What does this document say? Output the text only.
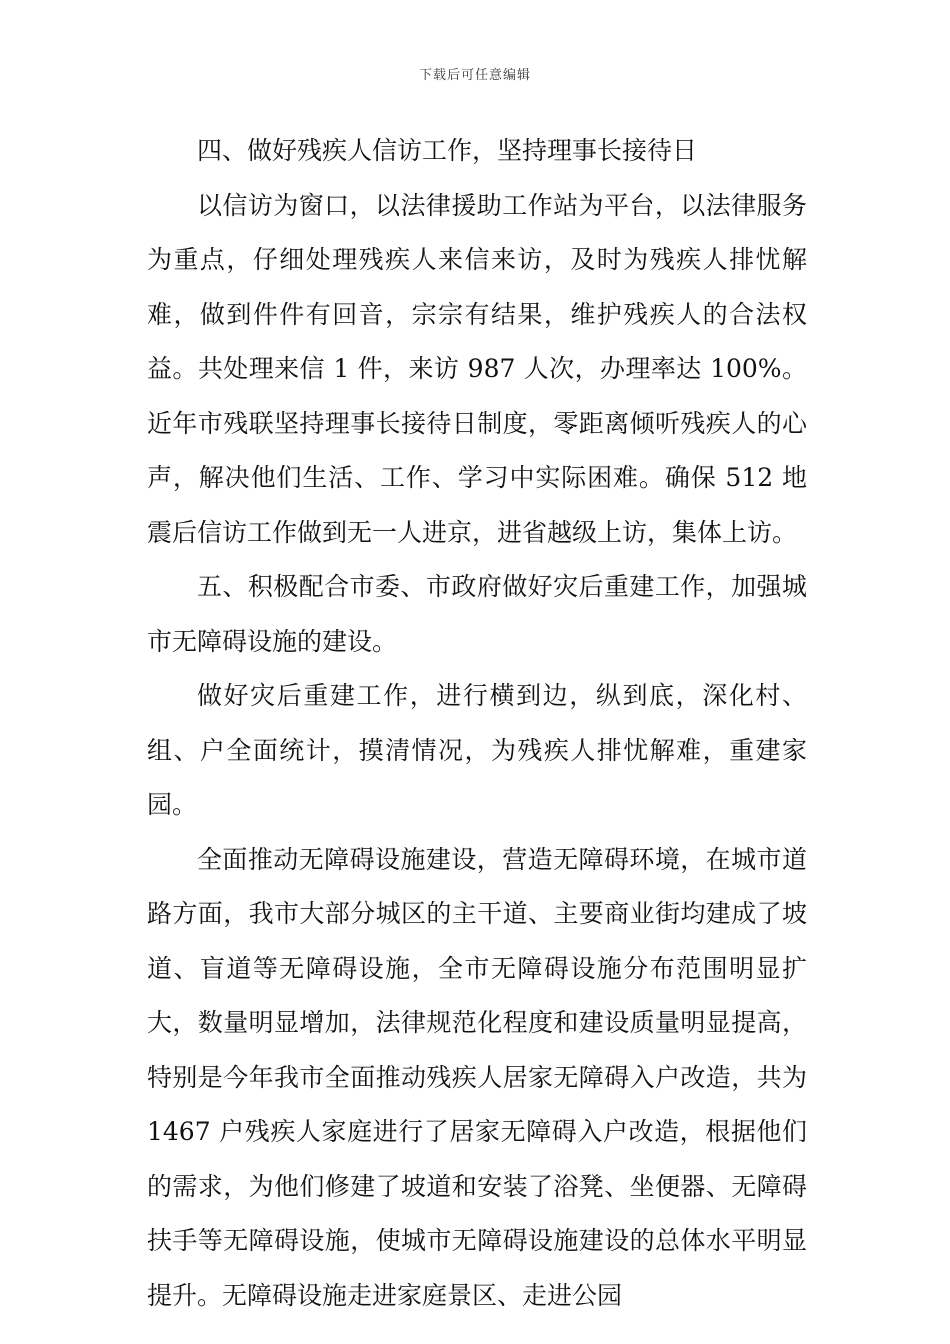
下载后可任意编辑

四、做好残疾人信访工作，坚持理事长接待日

以信访为窗口，以法律援助工作站为平台，以法律服务为重点，仔细处理残疾人来信来访，及时为残疾人排忧解难，做到件件有回音，宗宗有结果，维护残疾人的合法权益。共处理来信 1 件，来访 987 人次，办理率达 100%。近年市残联坚持理事长接待日制度，零距离倾听残疾人的心声，解决他们生活、工作、学习中实际困难。确保 512 地震后信访工作做到无一人进京，进省越级上访，集体上访。

五、积极配合市委、市政府做好灾后重建工作，加强城市无障碍设施的建设。

做好灾后重建工作，进行横到边，纵到底，深化村、组、户全面统计，摸清情况，为残疾人排忧解难，重建家园。

全面推动无障碍设施建设，营造无障碍环境，在城市道路方面，我市大部分城区的主干道、主要商业街均建成了坡道、盲道等无障碍设施，全市无障碍设施分布范围明显扩大，数量明显增加，法律规范化程度和建设质量明显提高，特别是今年我市全面推动残疾人居家无障碍入户改造，共为 1467 户残疾人家庭进行了居家无障碍入户改造，根据他们的需求，为他们修建了坡道和安装了浴凳、坐便器、无障碍扶手等无障碍设施，使城市无障碍设施建设的总体水平明显提升。无障碍设施走进家庭景区、走进公园
